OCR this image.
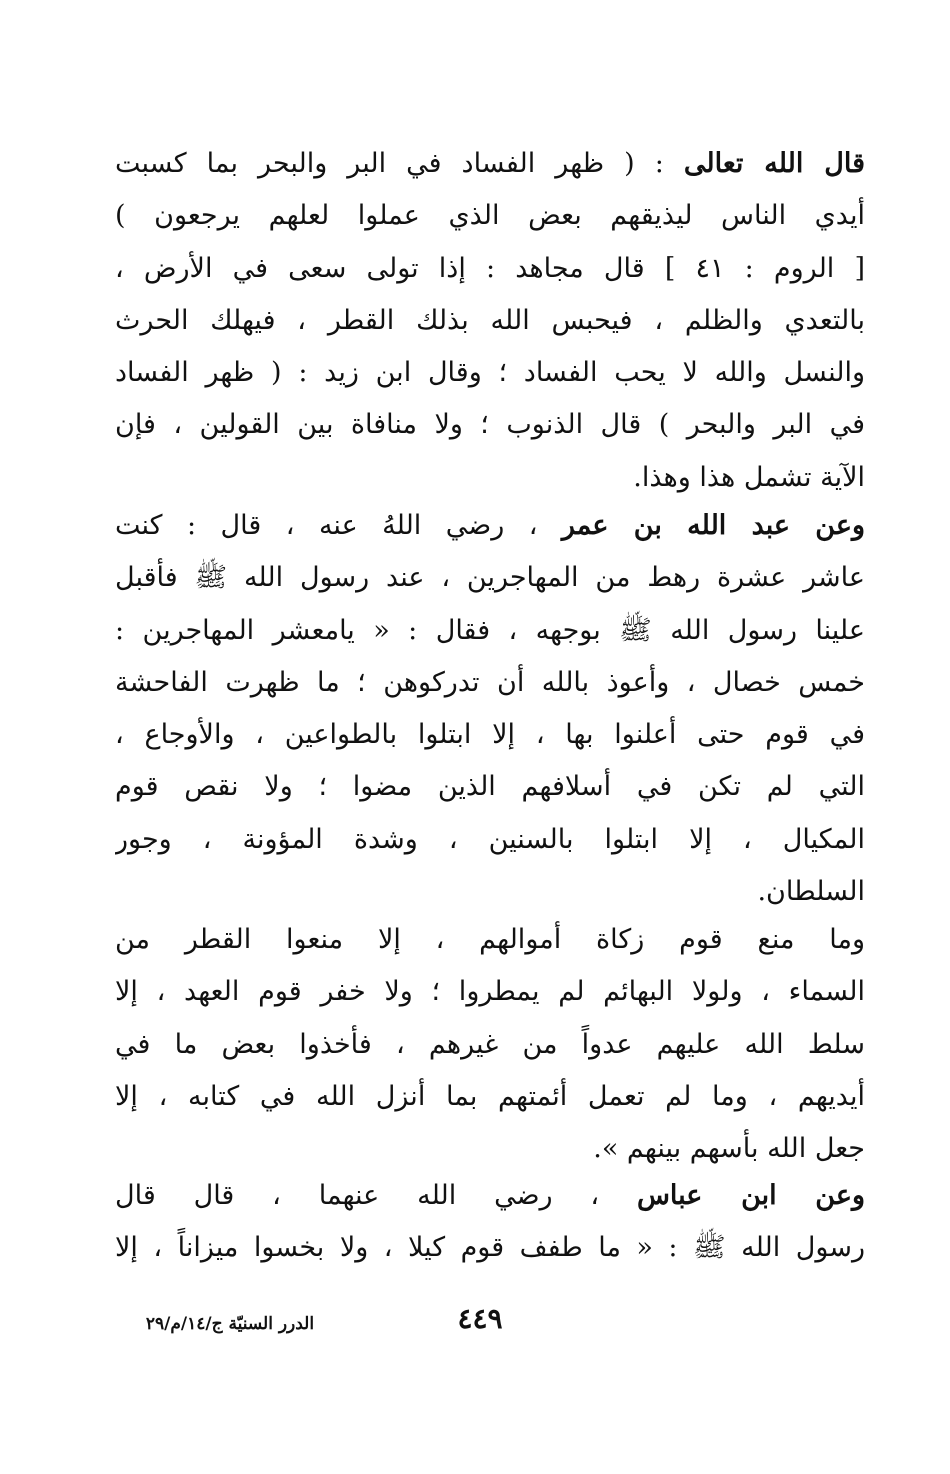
قال الله تعالى : ( ظهر الفساد في البر والبحر بما كسبت
أيدي الناس ليذيقهم بعض الذي عملوا لعلهم يرجعون )
[ الروم : ٤١ ] قال مجاهد : إذا تولى سعى في الأرض ،
بالتعدي والظلم ، فيحبس الله بذلك القطر ، فيهلك الحرث
والنسل والله لا يحب الفساد ؛ وقال ابن زيد : ( ظهر الفساد
في البر والبحر ) قال الذنوب ؛ ولا منافاة بين القولين ، فإن
الآية تشمل هذا وهذا.
وعن عبد الله بن عمر ، رضي اللهُ عنه ، قال : كنت
عاشر عشرة رهط من المهاجرين ، عند رسول الله ﷺ فأقبل
علينا رسول الله ﷺ بوجهه ، فقال : « يامعشر المهاجرين :
خمس خصال ، وأعوذ بالله أن تدركوهن ؛ ما ظهرت الفاحشة
في قوم حتى أعلنوا بها ، إلا ابتلوا بالطواعين ، والأوجاع ،
التي لم تكن في أسلافهم الذين مضوا ؛ ولا نقص قوم
المكيال ، إلا ابتلوا بالسنين ، وشدة المؤونة ، وجور
السلطان.
وما منع قوم زكاة أموالهم ، إلا منعوا القطر من
السماء ، ولولا البهائم لم يمطروا ؛ ولا خفر قوم العهد ، إلا
سلط الله عليهم عدواً من غيرهم ، فأخذوا بعض ما في
أيديهم ، وما لم تعمل أئمتهم بما أنزل الله في كتابه ، إلا
جعل الله بأسهم بينهم ».
وعن ابن عباس ، رضي الله عنهما ، قال قال
رسول الله ﷺ : « ما طفف قوم كيلا ، ولا بخسوا ميزاناً ، إلا
٤٤٩
الدرر السنيّة ج/١٤/م/٢٩
